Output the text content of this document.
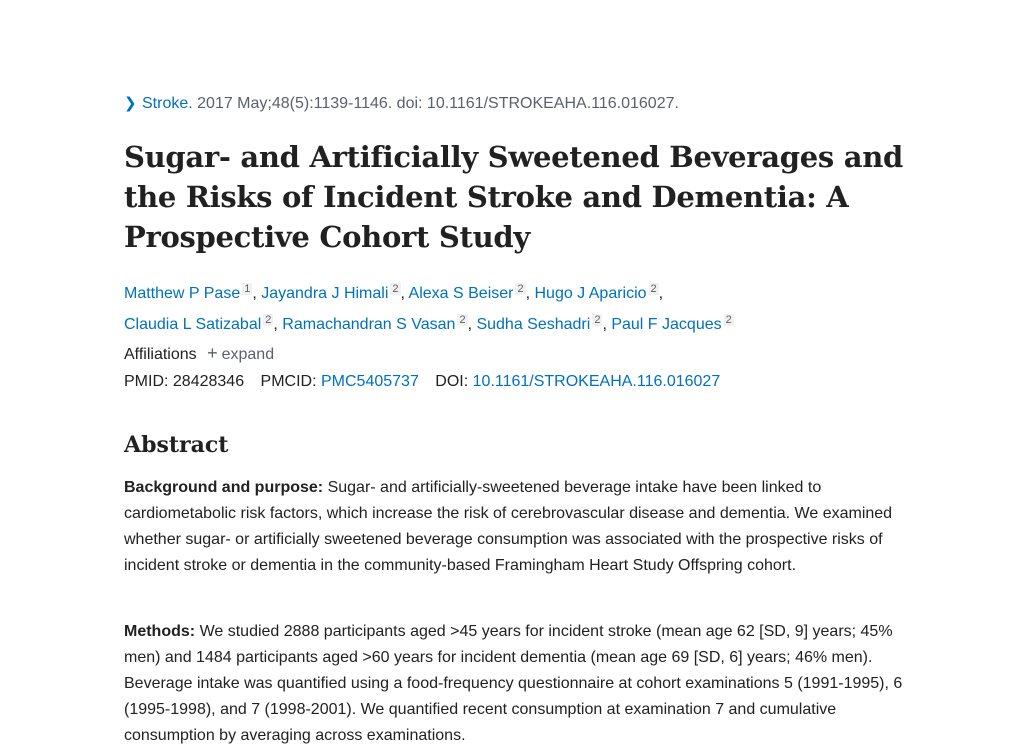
❯ Stroke. 2017 May;48(5):1139-1146. doi: 10.1161/STROKEAHA.116.016027.
Sugar- and Artificially Sweetened Beverages and the Risks of Incident Stroke and Dementia: A Prospective Cohort Study
Matthew P Pase $^1$ , Jayandra J Himali $^2$ , Alexa S Beiser $^2$ , Hugo J Aparicio $^2$ ,
Claudia L Satizabal $^2$ , Ramachandran S Vasan $^2$ , Sudha Seshadri $^2$ , Paul F Jacques $^2$
Affiliations + expand
PMID: 28428346 PMCID: PMC5405737 DOI: 10.1161/STROKEAHA.116.016027
Abstract

Background and purpose: Sugar- and artificially-sweetened beverage intake have been linked to cardiometabolic risk factors, which increase the risk of cerebrovascular disease and dementia. We examined whether sugar- or artificially sweetened beverage consumption was associated with the prospective risks of incident stroke or dementia in the community-based Framingham Heart Study Offspring cohort.

Methods: We studied 2888 participants aged >45 years for incident stroke (mean age 62 [SD, 9] years; 45% men) and 1484 participants aged >60 years for incident dementia (mean age 69 [SD, 6] years; 46% men). Beverage intake was quantified using a food-frequency questionnaire at cohort examinations 5 (1991-1995), 6 (1995-1998), and 7 (1998-2001). We quantified recent consumption at examination 7 and cumulative consumption by averaging across examinations.
